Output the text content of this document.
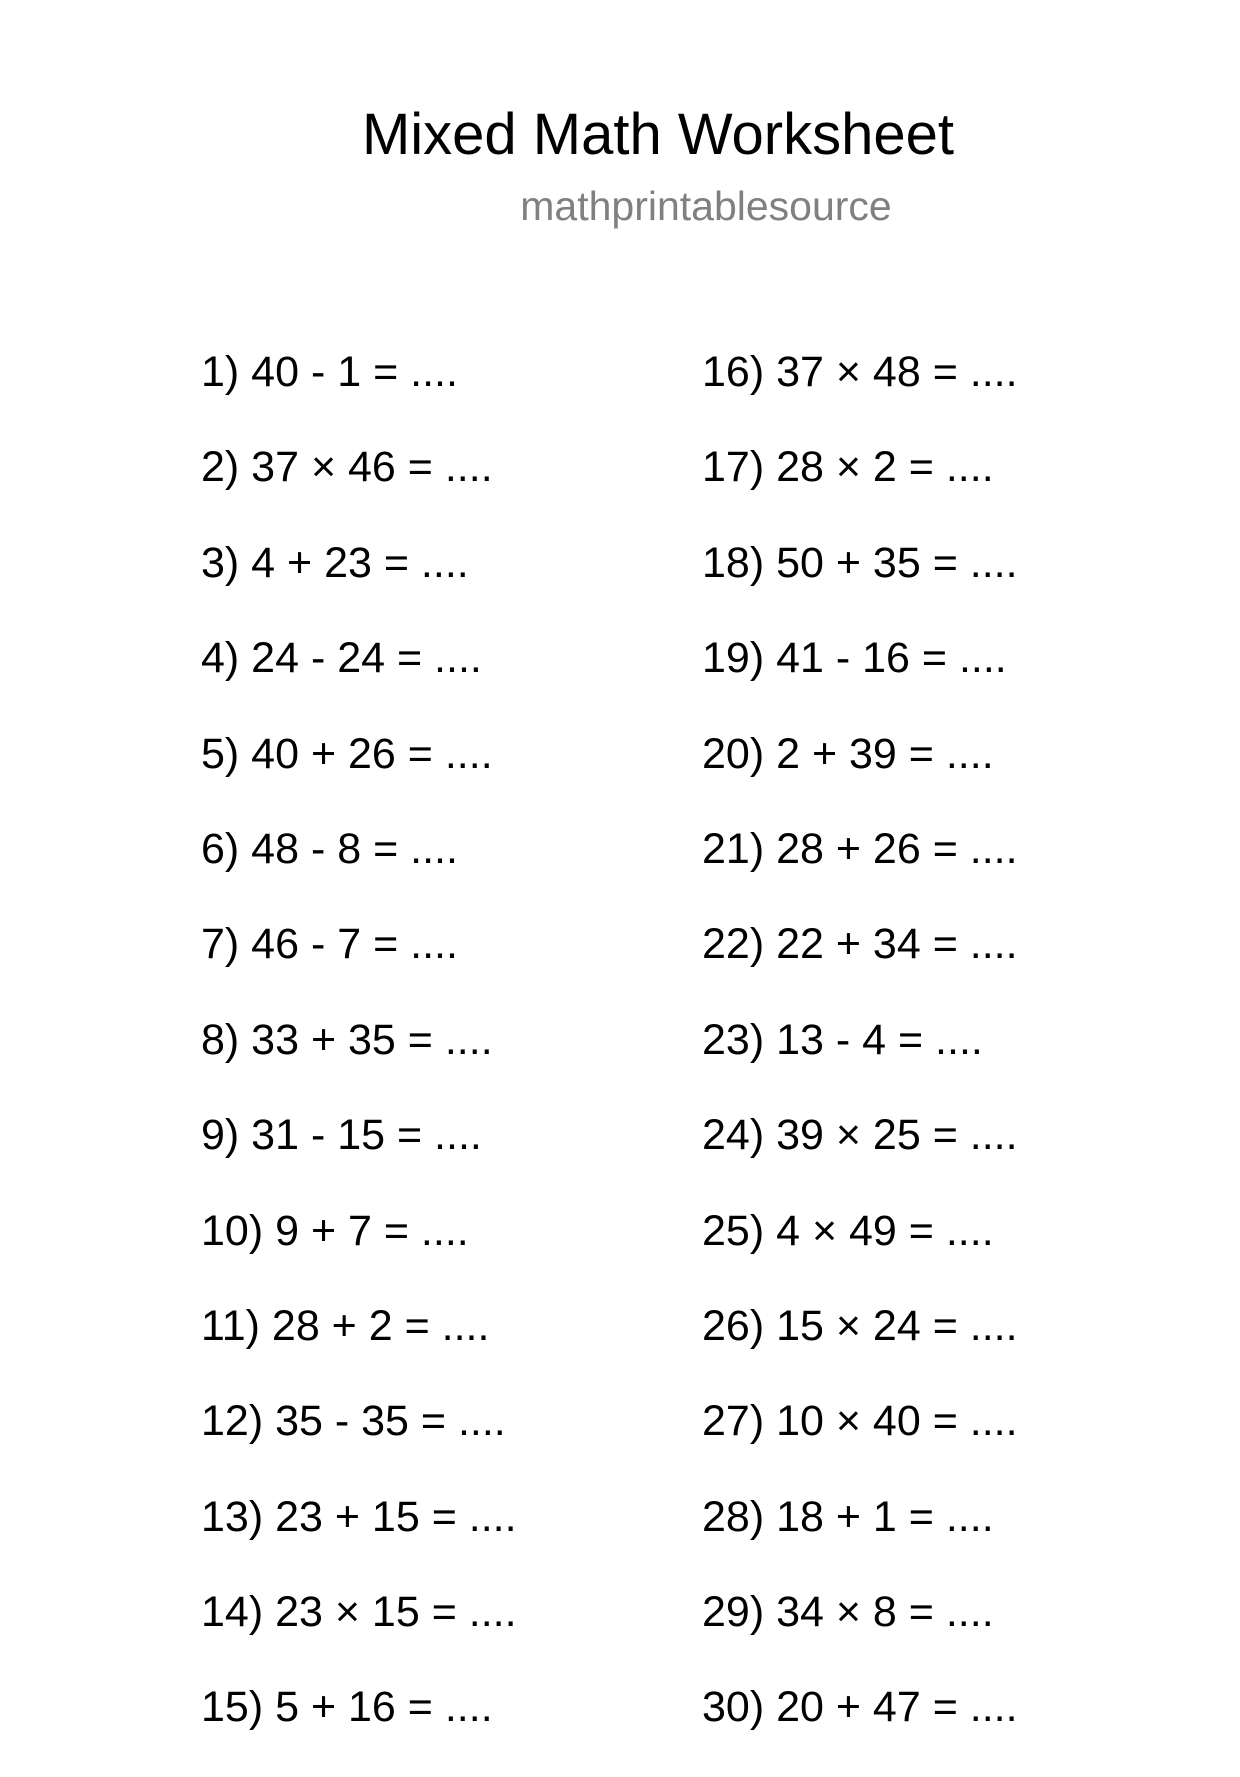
Mixed Math Worksheet
mathprintablesource
1) 40 - 1 = ....
2) 37 × 46 = ....
3) 4 + 23 = ....
4) 24 - 24 = ....
5) 40 + 26 = ....
6) 48 - 8 = ....
7) 46 - 7 = ....
8) 33 + 35 = ....
9) 31 - 15 = ....
10) 9 + 7 = ....
11) 28 + 2 = ....
12) 35 - 35 = ....
13) 23 + 15 = ....
14) 23 × 15 = ....
15) 5 + 16 = ....
16) 37 × 48 = ....
17) 28 × 2 = ....
18) 50 + 35 = ....
19) 41 - 16 = ....
20) 2 + 39 = ....
21) 28 + 26 = ....
22) 22 + 34 = ....
23) 13 - 4 = ....
24) 39 × 25 = ....
25) 4 × 49 = ....
26) 15 × 24 = ....
27) 10 × 40 = ....
28) 18 + 1 = ....
29) 34 × 8 = ....
30) 20 + 47 = ....
